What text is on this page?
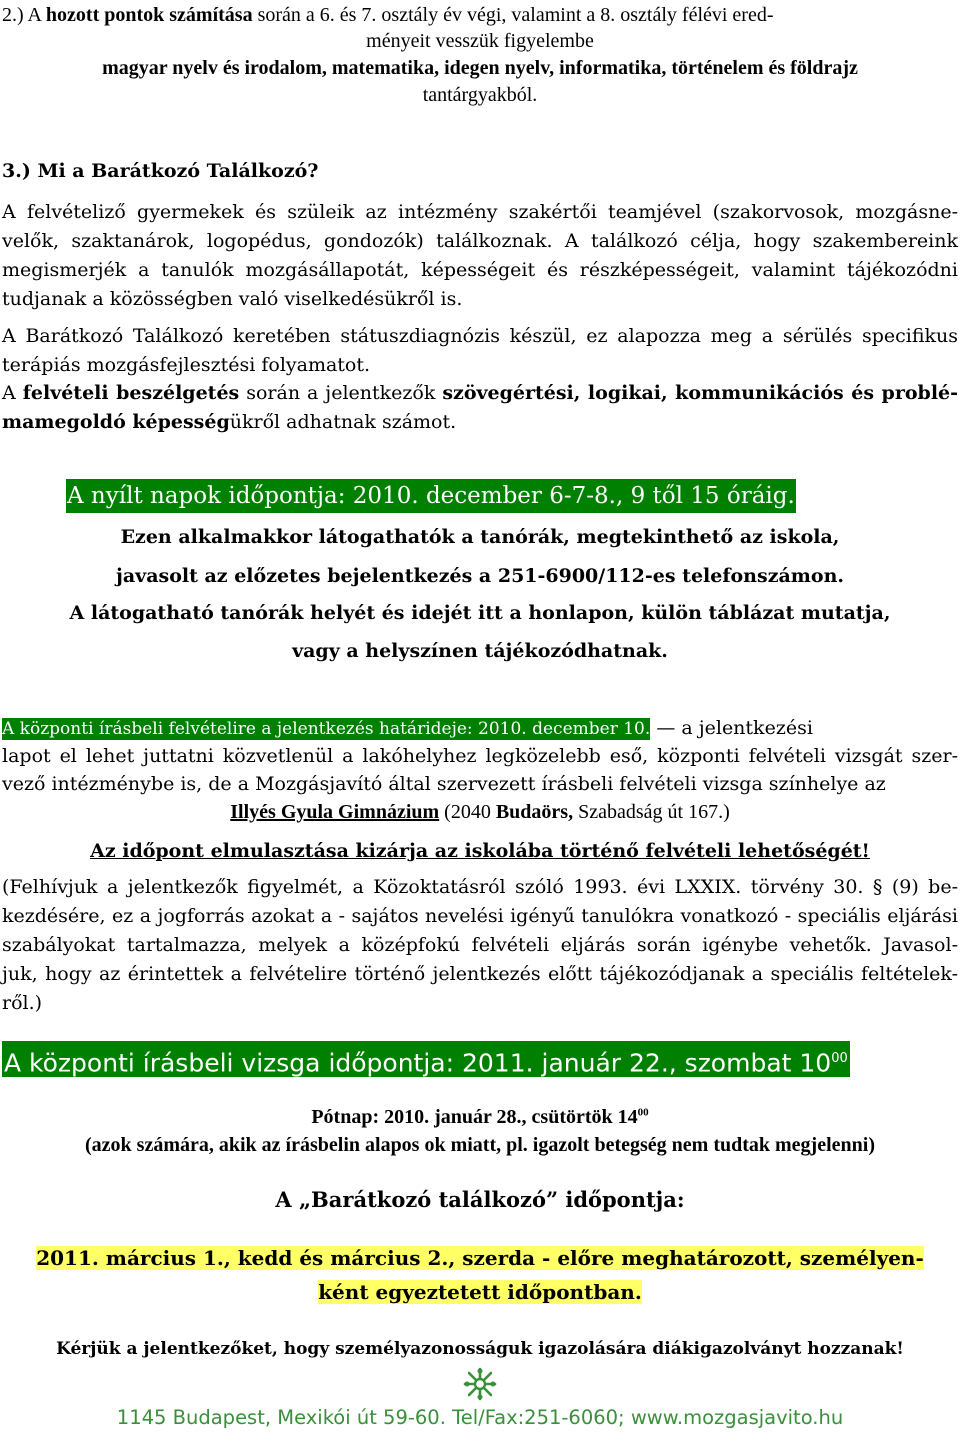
2.) A hozott pontok számítása során a 6. és 7. osztály év végi, valamint a 8. osztály félévi ered-
ményeit vesszük figyelembe
magyar nyelv és irodalom, matematika, idegen nyelv, informatika, történelem és földrajz
tantárgyakból.
3.) Mi a Barátkozó Találkozó?
A felvételiző gyermekek és szüleik az intézmény szakértői teamjével (szakorvosok, mozgásne-
velők, szaktanárok, logopédus, gondozók) találkoznak. A találkozó célja, hogy szakembereink
megismerjék a tanulók mozgásállapotát, képességeit és részképességeit, valamint tájékozódni
tudjanak a közösségben való viselkedésükről is.
A Barátkozó Találkozó keretében státuszdiagnózis készül, ez alapozza meg a sérülés specifikus
terápiás mozgásfejlesztési folyamatot.
A felvételi beszélgetés során a jelentkezők szövegértési, logikai, kommunikációs és problé-
mamegoldó képességükről adhatnak számot.
A nyílt napok időpontja: 2010. december 6-7-8., 9 től 15 óráig.
Ezen alkalmakkor látogathatók a tanórák, megtekinthető az iskola,
javasolt az előzetes bejelentkezés a 251-6900/112-es telefonszámon.
A látogatható tanórák helyét és idejét itt a honlapon, külön táblázat mutatja,
vagy a helyszínen tájékozódhatnak.
A központi írásbeli felvételire a jelentkezés határideje: 2010. december 10. — a jelentkezési
lapot el lehet juttatni közvetlenül a lakóhelyhez legközelebb eső, központi felvételi vizsgát szer-
vező intézménybe is, de a Mozgásjavító által szervezett írásbeli felvételi vizsga színhelye az
Illyés Gyula Gimnázium (2040 Budaörs, Szabadság út 167.)
Az időpont elmulasztása kizárja az iskolába történő felvételi lehetőségét!
(Felhívjuk a jelentkezők figyelmét, a Közoktatásról szóló 1993. évi LXXIX. törvény 30. § (9) be-
kezdésére, ez a jogforrás azokat a - sajátos nevelési igényű tanulókra vonatkozó - speciális eljárási
szabályokat tartalmazza, melyek a középfokú felvételi eljárás során igénybe vehetők. Javasol-
juk, hogy az érintettek a felvételire történő jelentkezés előtt tájékozódjanak a speciális feltételek-
ről.)
A központi írásbeli vizsga időpontja: 2011. január 22., szombat $10^{00}$
Pótnap: 2010. január 28., csütörtök $14^{00}$
(azok számára, akik az írásbelin alapos ok miatt, pl. igazolt betegség nem tudtak megjelenni)
A „Barátkozó találkozó” időpontja:
2011. március 1., kedd és március 2., szerda - előre meghatározott, személyen-
ként egyeztetett időpontban.
Kérjük a jelentkezőket, hogy személyazonosságuk igazolására diákigazolványt hozzanak!
1145 Budapest, Mexikói út 59-60. Tel/Fax:251-6060; www.mozgasjavito.hu
